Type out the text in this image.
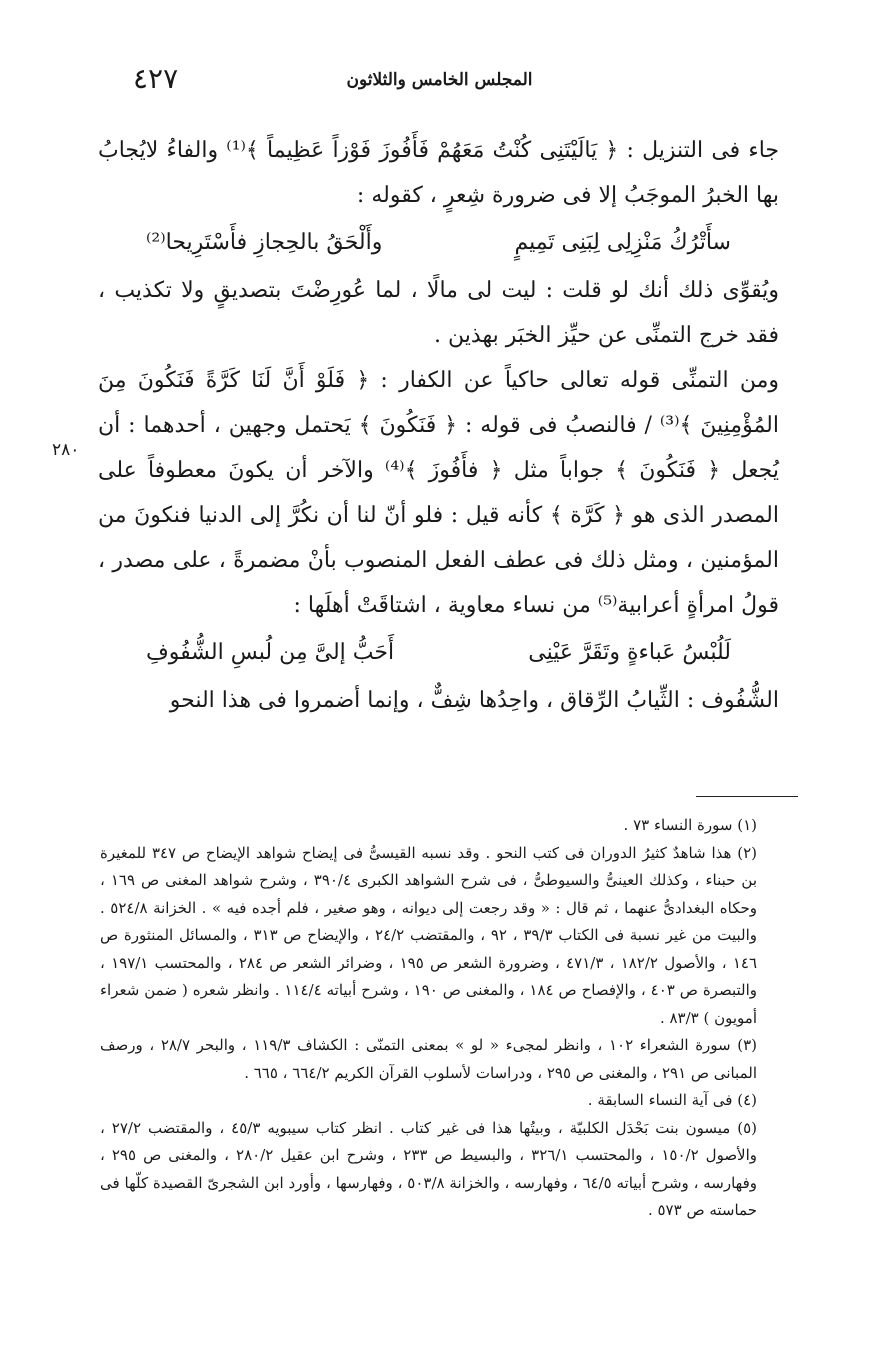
٤٢٧	المجلس الخامس والثلاثون
٢٨٠

جاء فى التنزيل : ﴿ يَالَيْتَنِى كُنْتُ مَعَهُمْ فَأَفُوزَ فَوْزاً عَظِيماً ﴾⁽¹⁾ والفاءُ لايُجابُ بها الخبرُ الموجَبُ إلا فى ضرورة شِعرٍ ، كقوله :

سأَتْرُكُ مَنْزِلِى لِبَنِى تَمِيمٍ
وأَلْحَقُ بالحِجازِ فأَسْتَرِيحا⁽²⁾

ويُقوِّى ذلك أنك لو قلت : ليت لى مالًا ، لما عُورِضْتَ بتصديقٍ ولا تكذيب ، فقد خرج التمنِّى عن حيِّز الخبَر بهذين .

ومن التمنِّى قوله تعالى حاكياً عن الكفار : ﴿ فَلَوْ أَنَّ لَنَا كَرَّةً فَنَكُونَ مِنَ المُؤْمِنِينَ ﴾⁽³⁾ / فالنصبُ فى قوله : ﴿ فَنَكُونَ ﴾ يَحتمل وجهين ، أحدهما : أن يُجعل ﴿ فَنَكُونَ ﴾ جواباً مثل ﴿ فأَفُوزَ ﴾⁽⁴⁾ والآخر أن يكونَ معطوفاً على المصدر الذى هو ﴿ كَرَّة ﴾ كأنه قيل : فلو أنّ لنا أن نكُرَّ إلى الدنيا فنكونَ من المؤمنين ، ومثل ذلك فى عطف الفعل المنصوب بأنْ مضمرةً ، على مصدر ، قولُ امرأةٍ أعرابية⁽⁵⁾ من نساء معاوية ، اشتاقَتْ أهلَها :

لَلُبْسُ عَباءةٍ وتَقَرَّ عَيْنِى
أَحَبُّ إلىَّ مِن لُبسِ الشُّفُوفِ

الشُّفُوف : الثِّيابُ الرِّقاق ، واحِدُها شِفٌّ ، وإنما أضمروا فى هذا النحو

(١) سورة النساء ٧٣ .

(٢) هذا شاهدٌ كثيرُ الدوران فى كتب النحو . وقد نسبه القيسىُّ فى إيضاح شواهد الإيضاح ص ٣٤٧ للمغيرة بن حبناء ، وكذلك العينىُّ والسيوطىُّ ، فى شرح الشواهد الكبرى ٣٩٠/٤ ، وشرح شواهد المغنى ص ١٦٩ ، وحكاه البغدادىُّ عنهما ، ثم قال : « وقد رجعت إلى ديوانه ، وهو صغير ، فلم أجده فيه » . الخزانة ٥٢٤/٨ . والبيت من غير نسبة فى الكتاب ٣٩/٣ ، ٩٢ ، والمقتضب ٢٤/٢ ، والإيضاح ص ٣١٣ ، والمسائل المنثورة ص ١٤٦ ، والأصول ١٨٢/٢ ، ٤٧١/٣ ، وضرورة الشعر ص ١٩٥ ، وضرائر الشعر ص ٢٨٤ ، والمحتسب ١٩٧/١ ، والتبصرة ص ٤٠٣ ، والإفصاح ص ١٨٤ ، والمغنى ص ١٩٠ ، وشرح أبياته ١١٤/٤ . وانظر شعره ( ضمن شعراء أمويون ) ٨٣/٣ .

(٣) سورة الشعراء ١٠٢ ، وانظر لمجىء « لو » بمعنى التمنّى : الكشاف ١١٩/٣ ، والبحر ٢٨/٧ ، ورصف المبانى ص ٢٩١ ، والمغنى ص ٢٩٥ ، ودراسات لأسلوب القرآن الكريم ٦٦٤/٢ ، ٦٦٥ .

(٤) فى آية النساء السابقة .

(٥) ميسون بنت بَحْدَل الكلبيّة ، وبيتُها هذا فى غير كتاب . انظر كتاب سيبويه ٤٥/٣ ، والمقتضب ٢٧/٢ ، والأصول ١٥٠/٢ ، والمحتسب ٣٢٦/١ ، والبسيط ص ٢٣٣ ، وشرح ابن عقيل ٢٨٠/٢ ، والمغنى ص ٢٩٥ ، وفهارسه ، وشرح أبياته ٦٤/٥ ، وفهارسه ، والخزانة ٥٠٣/٨ ، وفهارسها ، وأورد ابن الشجرىّ القصيدة كلّها فى حماسته ص ٥٧٣ .
